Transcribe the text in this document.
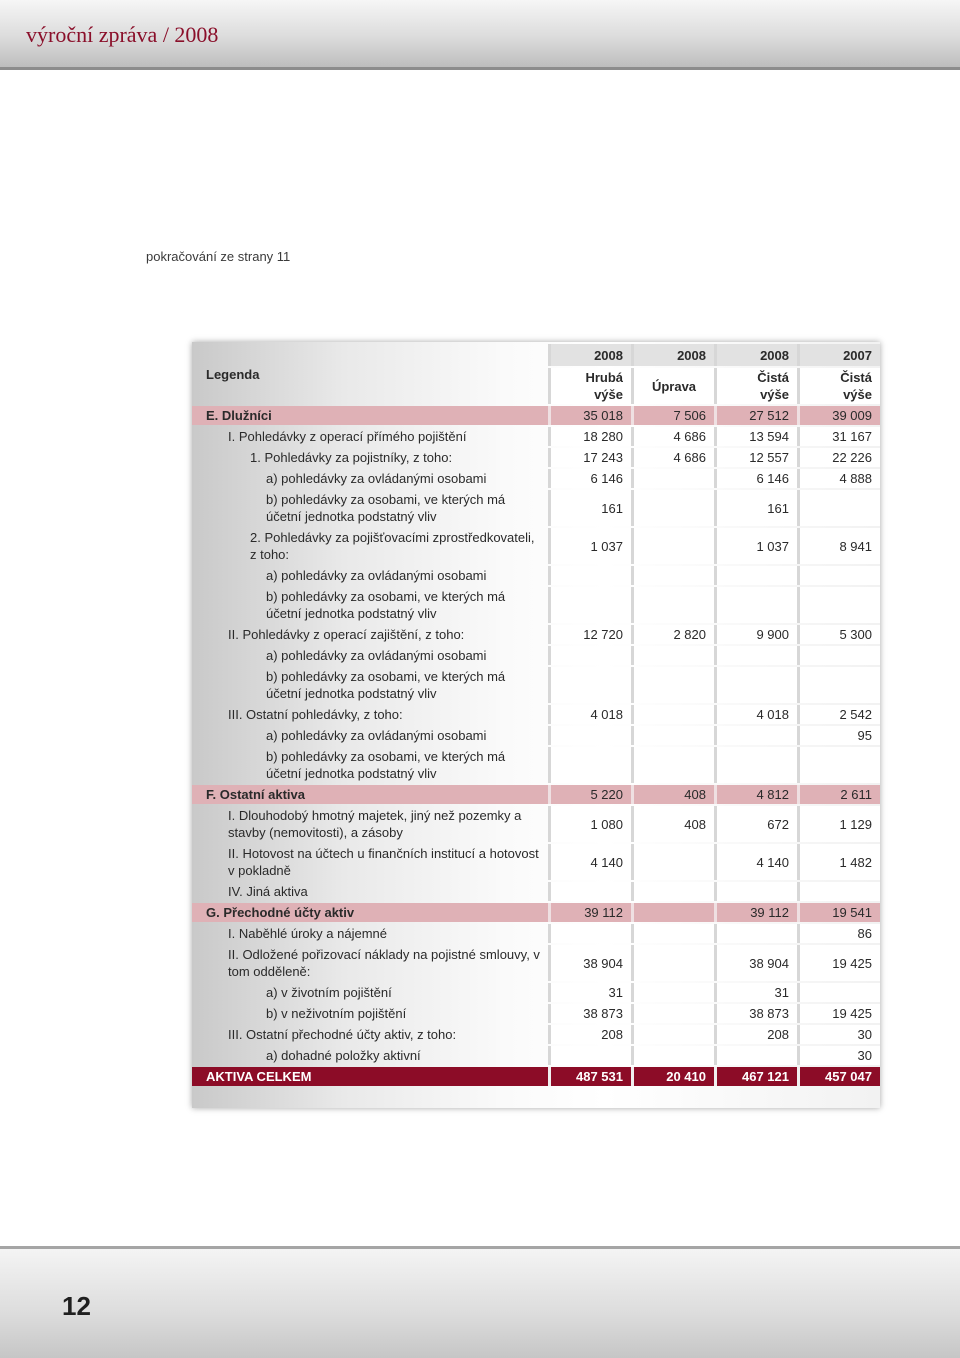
výroční zpráva / 2008
pokračování ze strany 11
Legenda	2008	2008	2008	2007
	Hrubá výše	Úprava	Čistá výše	Čistá výše
E. Dlužníci	35 018	7 506	27 512	39 009
I. Pohledávky z operací přímého pojištění	18 280	4 686	13 594	31 167
1. Pohledávky za pojistníky, z toho:	17 243	4 686	12 557	22 226
a) pohledávky za ovládanými osobami	6 146		6 146	4 888
b) pohledávky za osobami, ve kterých má účetní jednotka podstatný vliv	161		161	
2. Pohledávky za pojišťovacími zprostředkovateli, z toho:	1 037		1 037	8 941
a) pohledávky za ovládanými osobami				
b) pohledávky za osobami, ve kterých má účetní jednotka podstatný vliv				
II. Pohledávky z operací zajištění, z toho:	12 720	2 820	9 900	5 300
a) pohledávky za ovládanými osobami				
b) pohledávky za osobami, ve kterých má účetní jednotka podstatný vliv				
III. Ostatní pohledávky, z toho:	4 018		4 018	2 542
a) pohledávky za ovládanými osobami				95
b) pohledávky za osobami, ve kterých má účetní jednotka podstatný vliv				
F. Ostatní aktiva	5 220	408	4 812	2 611
I. Dlouhodobý hmotný majetek, jiný než pozemky a stavby (nemovitosti), a zásoby	1 080	408	672	1 129
II. Hotovost na účtech u finančních institucí a hotovost v pokladně	4 140		4 140	1 482
IV. Jiná aktiva				
G. Přechodné účty aktiv	39 112		39 112	19 541
I. Naběhlé úroky a nájemné				86
II. Odložené pořizovací náklady na pojistné smlouvy, v tom odděleně:	38 904		38 904	19 425
a) v životním pojištění	31		31	
b) v neživotním pojištění	38 873		38 873	19 425
III. Ostatní přechodné účty aktiv, z toho:	208		208	30
a) dohadné položky aktivní				30
AKTIVA CELKEM	487 531	20 410	467 121	457 047
12
